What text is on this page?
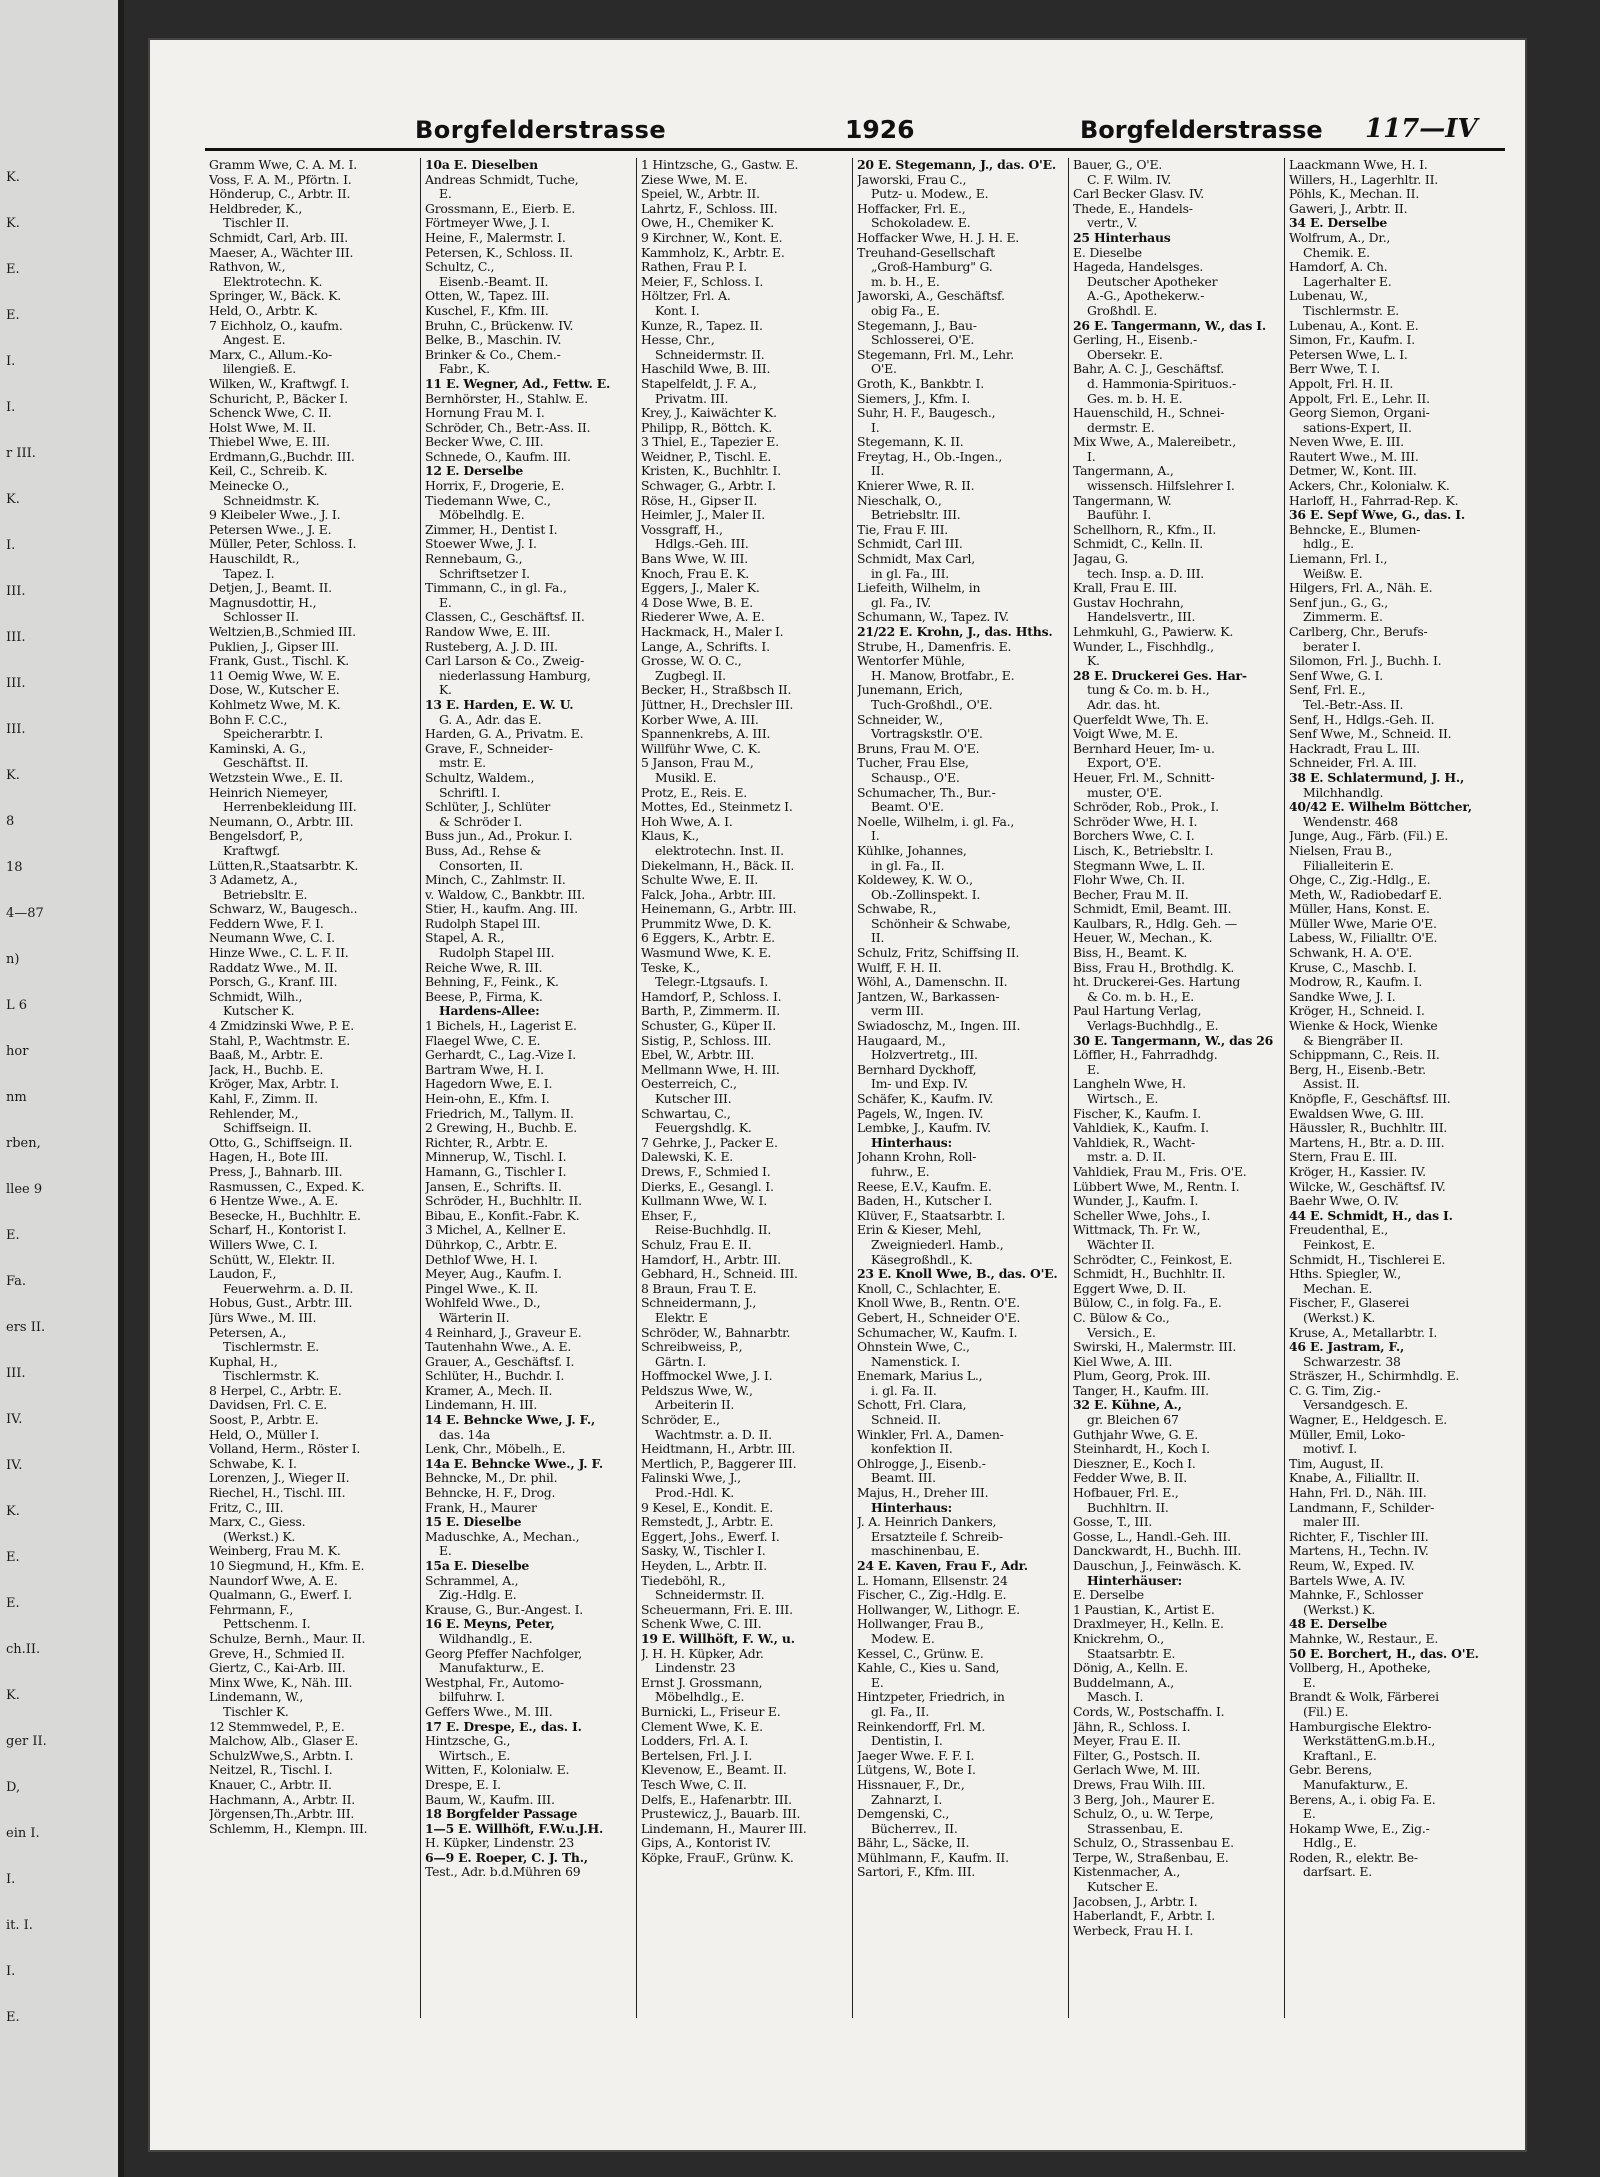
K.
K.
E.
E.
I.
I.
r III.
K.
I.
III.
III.
III.
III.
K.
8
18
4—87
n)
L 6
hor
nm
rben,
llee 9
E.
Fa.
ers II.
III.
IV.
IV.
K.
E.
E.
ch.II.
K.
ger II.
D,
ein I.
I.
it. I.
I.
E.
Borgfelderstrasse	1926	Borgfelderstrasse 117—IV
Gramm Wwe, C. A. M. I.
Voss, F. A. M., Pförtn. I.
Hönderup, C., Arbtr. II.
Heldbreder, K.,
Tischler II.
Schmidt, Carl, Arb. III.
Maeser, A., Wächter III.
Rathvon, W.,
Elektrotechn. K.
Springer, W., Bäck. K.
Held, O., Arbtr. K.
7 Eichholz, O., kaufm.
Angest. E.
Marx, C., Allum.-Ko-
lilengieß. E.
Wilken, W., Kraftwgf. I.
Schuricht, P., Bäcker I.
Schenck Wwe, C. II.
Holst Wwe, M. II.
Thiebel Wwe, E. III.
Erdmann,G.,Buchdr. III.
Keil, C., Schreib. K.
Meinecke O.,
Schneidmstr. K.
9 Kleibeler Wwe., J. I.
Petersen Wwe., J. E.
Müller, Peter, Schloss. I.
Hauschildt, R.,
Tapez. I.
Detjen, J., Beamt. II.
Magnusdottir, H.,
Schlosser II.
Weltzien,B.,Schmied III.
Puklien, J., Gipser III.
Frank, Gust., Tischl. K.
11 Oemig Wwe, W. E.
Dose, W., Kutscher E.
Kohlmetz Wwe, M. K.
Bohn F. C.C.,
Speicherarbtr. I.
Kaminski, A. G.,
Geschäftst. II.
Wetzstein Wwe., E. II.
Heinrich Niemeyer,
Herrenbekleidung III.
Neumann, O., Arbtr. III.
Bengelsdorf, P.,
Kraftwgf.
Lütten,R.,Staatsarbtr. K.
3 Adametz, A.,
Betriebsltr. E.
Schwarz, W., Baugesch..
Feddern Wwe, F. I.
Neumann Wwe, C. I.
Hinze Wwe., C. L. F. II.
Raddatz Wwe., M. II.
Porsch, G., Kranf. III.
Schmidt, Wilh.,
Kutscher K.
4 Zmidzinski Wwe, P. E.
Stahl, P., Wachtmstr. E.
Baaß, M., Arbtr. E.
Jack, H., Buchb. E.
Kröger, Max, Arbtr. I.
Kahl, F., Zimm. II.
Rehlender, M.,
Schiffseign. II.
Otto, G., Schiffseign. II.
Hagen, H., Bote III.
Press, J., Bahnarb. III.
Rasmussen, C., Exped. K.
6 Hentze Wwe., A. E.
Besecke, H., Buchhltr. E.
Scharf, H., Kontorist I.
Willers Wwe, C. I.
Schütt, W., Elektr. II.
Laudon, F.,
Feuerwehrm. a. D. II.
Hobus, Gust., Arbtr. III.
Jürs Wwe., M. III.
Petersen, A.,
Tischlermstr. E.
Kuphal, H.,
Tischlermstr. K.
8 Herpel, C., Arbtr. E.
Davidsen, Frl. C. E.
Soost, P., Arbtr. E.
Held, O., Müller I.
Volland, Herm., Röster I.
Schwabe, K. I.
Lorenzen, J., Wieger II.
Riechel, H., Tischl. III.
Fritz, C., III.
Marx, C., Giess.
(Werkst.) K.
Weinberg, Frau M. K.
10 Siegmund, H., Kfm. E.
Naundorf Wwe, A. E.
Qualmann, G., Ewerf. I.
Fehrmann, F.,
Pettschenm. I.
Schulze, Bernh., Maur. II.
Greve, H., Schmied II.
Giertz, C., Kai-Arb. III.
Minx Wwe, K., Näh. III.
Lindemann, W.,
Tischler K.
12 Stemmwedel, P., E.
Malchow, Alb., Glaser E.
SchulzWwe,S., Arbtn. I.
Neitzel, R., Tischl. I.
Knauer, C., Arbtr. II.
Hachmann, A., Arbtr. II.
Jörgensen,Th.,Arbtr. III.
Schlemm, H., Klempn. III.
10a E. Dieselben
Andreas Schmidt, Tuche,
E.
Grossmann, E., Eierb. E.
Förtmeyer Wwe, J. I.
Heine, F., Malermstr. I.
Petersen, K., Schloss. II.
Schultz, C.,
Eisenb.-Beamt. II.
Otten, W., Tapez. III.
Kuschel, F., Kfm. III.
Bruhn, C., Brückenw. IV.
Belke, B., Maschin. IV.
Brinker & Co., Chem.-
Fabr., K.
11 E. Wegner, Ad., Fettw. E.
Bernhörster, H., Stahlw. E.
Hornung Frau M. I.
Schröder, Ch., Betr.-Ass. II.
Becker Wwe, C. III.
Schnede, O., Kaufm. III.
12 E. Derselbe
Horrix, F., Drogerie, E.
Tiedemann Wwe, C.,
Möbelhdlg. E.
Zimmer, H., Dentist I.
Stoewer Wwe, J. I.
Rennebaum, G.,
Schriftsetzer I.
Timmann, C., in gl. Fa.,
E.
Classen, C., Geschäftsf. II.
Randow Wwe, E. III.
Rusteberg, A. J. D. III.
Carl Larson & Co., Zweig-
niederlassung Hamburg,
K.
13 E. Harden, E. W. U.
G. A., Adr. das E.
Harden, G. A., Privatm. E.
Grave, F., Schneider-
mstr. E.
Schultz, Waldem.,
Schriftl. I.
Schlüter, J., Schlüter
& Schröder I.
Buss jun., Ad., Prokur. I.
Buss, Ad., Rehse &
Consorten, II.
Minch, C., Zahlmstr. II.
v. Waldow, C., Bankbtr. III.
Stier, H., kaufm. Ang. III.
Rudolph Stapel III.
Stapel, A. R.,
Rudolph Stapel III.
Reiche Wwe, R. III.
Behning, F., Feink., K.
Beese, P., Firma, K.
Hardens-Allee:
1 Bichels, H., Lagerist E.
Flaegel Wwe, C. E.
Gerhardt, C., Lag.-Vize I.
Bartram Wwe, H. I.
Hagedorn Wwe, E. I.
Hein-ohn, E., Kfm. I.
Friedrich, M., Tallym. II.
2 Grewing, H., Buchb. E.
Richter, R., Arbtr. E.
Minnerup, W., Tischl. I.
Hamann, G., Tischler I.
Jansen, E., Schrifts. II.
Schröder, H., Buchhltr. II.
Bibau, E., Konfit.-Fabr. K.
3 Michel, A., Kellner E.
Dührkop, C., Arbtr. E.
Dethlof Wwe, H. I.
Meyer, Aug., Kaufm. I.
Pingel Wwe., K. II.
Wohlfeld Wwe., D.,
Wärterin II.
4 Reinhard, J., Graveur E.
Tautenhahn Wwe., A. E.
Grauer, A., Geschäftsf. I.
Schlüter, H., Buchdr. I.
Kramer, A., Mech. II.
Lindemann, H. III.
14 E. Behncke Wwe, J. F.,
das. 14a
Lenk, Chr., Möbelh., E.
14a E. Behncke Wwe., J. F.
Behncke, M., Dr. phil.
Behncke, H. F., Drog.
Frank, H., Maurer
15 E. Dieselbe
Maduschke, A., Mechan.,
E.
15a E. Dieselbe
Schrammel, A.,
Zig.-Hdlg. E.
Krause, G., Bur.-Angest. I.
16 E. Meyns, Peter,
Wildhandlg., E.
Georg Pfeffer Nachfolger,
Manufakturw., E.
Westphal, Fr., Automo-
bilfuhrw. I.
Geffers Wwe., M. III.
17 E. Drespe, E., das. I.
Hintzsche, G.,
Wirtsch., E.
Witten, F., Kolonialw. E.
Drespe, E. I.
Baum, W., Kaufm. III.
18 Borgfelder Passage
1—5 E. Willhöft, F.W.u.J.H.
H. Küpker, Lindenstr. 23
6—9 E. Roeper, C. J. Th.,
Test., Adr. b.d.Mühren 69
1 Hintzsche, G., Gastw. E.
Ziese Wwe, M. E.
Speiel, W., Arbtr. II.
Lahrtz, F., Schloss. III.
Owe, H., Chemiker K.
9 Kirchner, W., Kont. E.
Kammholz, K., Arbtr. E.
Rathen, Frau P. I.
Meier, F., Schloss. I.
Höltzer, Frl. A.
Kont. I.
Kunze, R., Tapez. II.
Hesse, Chr.,
Schneidermstr. II.
Haschild Wwe, B. III.
Stapelfeldt, J. F. A.,
Privatm. III.
Krey, J., Kaiwächter K.
Philipp, R., Böttch. K.
3 Thiel, E., Tapezier E.
Weidner, P., Tischl. E.
Kristen, K., Buchhltr. I.
Schwager, G., Arbtr. I.
Röse, H., Gipser II.
Heimler, J., Maler II.
Vossgraff, H.,
Hdlgs.-Geh. III.
Bans Wwe, W. III.
Knoch, Frau E. K.
Eggers, J., Maler K.
4 Dose Wwe, B. E.
Riederer Wwe, A. E.
Hackmack, H., Maler I.
Lange, A., Schrifts. I.
Grosse, W. O. C.,
Zugbegl. II.
Becker, H., Straßbsch II.
Jüttner, H., Drechsler III.
Korber Wwe, A. III.
Spannenkrebs, A. III.
Willführ Wwe, C. K.
5 Janson, Frau M.,
Musikl. E.
Protz, E., Reis. E.
Mottes, Ed., Steinmetz I.
Hoh Wwe, A. I.
Klaus, K.,
elektrotechn. Inst. II.
Diekelmann, H., Bäck. II.
Schulte Wwe, E. II.
Falck, Joha., Arbtr. III.
Heinemann, G., Arbtr. III.
Prummitz Wwe, D. K.
6 Eggers, K., Arbtr. E.
Wasmund Wwe, K. E.
Teske, K.,
Telegr.-Ltgsaufs. I.
Hamdorf, P., Schloss. I.
Barth, P., Zimmerm. II.
Schuster, G., Küper II.
Sistig, P., Schloss. III.
Ebel, W., Arbtr. III.
Mellmann Wwe, H. III.
Oesterreich, C.,
Kutscher III.
Schwartau, C.,
Feuergshdlg. K.
7 Gehrke, J., Packer E.
Dalewski, K. E.
Drews, F., Schmied I.
Dierks, E., Gesangl. I.
Kullmann Wwe, W. I.
Ehser, F.,
Reise-Buchhdlg. II.
Schulz, Frau E. II.
Hamdorf, H., Arbtr. III.
Gebhard, H., Schneid. III.
8 Braun, Frau T. E.
Schneidermann, J.,
Elektr. E
Schröder, W., Bahnarbtr.
Schreibweiss, P.,
Gärtn. I.
Hoffmockel Wwe, J. I.
Peldszus Wwe, W.,
Arbeiterin II.
Schröder, E.,
Wachtmstr. a. D. II.
Heidtmann, H., Arbtr. III.
Mertlich, P., Baggerer III.
Falinski Wwe, J.,
Prod.-Hdl. K.
9 Kesel, E., Kondit. E.
Remstedt, J., Arbtr. E.
Eggert, Johs., Ewerf. I.
Sasky, W., Tischler I.
Heyden, L., Arbtr. II.
Tiedeböhl, R.,
Schneidermstr. II.
Scheuermann, Fri. E. III.
Schenk Wwe, C. III.
19 E. Willhöft, F. W., u.
J. H. H. Küpker, Adr.
Lindenstr. 23
Ernst J. Grossmann,
Möbelhdlg., E.
Burnicki, L., Friseur E.
Clement Wwe, K. E.
Lodders, Frl. A. I.
Bertelsen, Frl. J. I.
Klevenow, E., Beamt. II.
Tesch Wwe, C. II.
Delfs, E., Hafenarbtr. III.
Prustewicz, J., Bauarb. III.
Lindemann, H., Maurer III.
Gips, A., Kontorist IV.
Köpke, FrauF., Grünw. K.
20 E. Stegemann, J., das. O'E.
Jaworski, Frau C.,
Putz- u. Modew., E.
Hoffacker, Frl. E.,
Schokoladew. E.
Hoffacker Wwe, H. J. H. E.
Treuhand-Gesellschaft
„Groß-Hamburg" G.
m. b. H., E.
Jaworski, A., Geschäftsf.
obig Fa., E.
Stegemann, J., Bau-
Schlosserei, O'E.
Stegemann, Frl. M., Lehr.
O'E.
Groth, K., Bankbtr. I.
Siemers, J., Kfm. I.
Suhr, H. F., Baugesch.,
I.
Stegemann, K. II.
Freytag, H., Ob.-Ingen.,
II.
Knierer Wwe, R. II.
Nieschalk, O.,
Betriebsltr. III.
Tie, Frau F. III.
Schmidt, Carl III.
Schmidt, Max Carl,
in gl. Fa., III.
Liefeith, Wilhelm, in
gl. Fa., IV.
Schumann, W., Tapez. IV.
21/22 E. Krohn, J., das. Hths.
Strube, H., Damenfris. E.
Wentorfer Mühle,
H. Manow, Brotfabr., E.
Junemann, Erich,
Tuch-Großhdl., O'E.
Schneider, W.,
Vortragskstlr. O'E.
Bruns, Frau M. O'E.
Tucher, Frau Else,
Schausp., O'E.
Schumacher, Th., Bur.-
Beamt. O'E.
Noelle, Wilhelm, i. gl. Fa.,
I.
Kühlke, Johannes,
in gl. Fa., II.
Koldewey, K. W. O.,
Ob.-Zollinspekt. I.
Schwabe, R.,
Schönheir & Schwabe,
II.
Schulz, Fritz, Schiffsing II.
Wulff, F. H. II.
Wöhl, A., Damenschn. II.
Jantzen, W., Barkassen-
verm III.
Swiadoschz, M., Ingen. III.
Haugaard, M.,
Holzvertretg., III.
Bernhard Dyckhoff,
Im- und Exp. IV.
Schäfer, K., Kaufm. IV.
Pagels, W., Ingen. IV.
Lembke, J., Kaufm. IV.
Hinterhaus:
Johann Krohn, Roll-
fuhrw., E.
Reese, E.V., Kaufm. E.
Baden, H., Kutscher I.
Klüver, F., Staatsarbtr. I.
Erin & Kieser, Mehl,
Zweigniederl. Hamb.,
Käsegroßhdl., K.
23 E. Knoll Wwe, B., das. O'E.
Knoll, C., Schlachter, E.
Knoll Wwe, B., Rentn. O'E.
Gebert, H., Schneider O'E.
Schumacher, W., Kaufm. I.
Ohnstein Wwe, C.,
Namenstick. I.
Enemark, Marius L.,
i. gl. Fa. II.
Schott, Frl. Clara,
Schneid. II.
Winkler, Frl. A., Damen-
konfektion II.
Ohlrogge, J., Eisenb.-
Beamt. III.
Majus, H., Dreher III.
Hinterhaus:
J. A. Heinrich Dankers,
Ersatzteile f. Schreib-
maschinenbau, E.
24 E. Kaven, Frau F., Adr.
L. Homann, Ellsenstr. 24
Fischer, C., Zig.-Hdlg. E.
Hollwanger, W., Lithogr. E.
Hollwanger, Frau B.,
Modew. E.
Kessel, C., Grünw. E.
Kahle, C., Kies u. Sand,
E.
Hintzpeter, Friedrich, in
gl. Fa., II.
Reinkendorff, Frl. M.
Dentistin, I.
Jaeger Wwe. F. F. I.
Lütgens, W., Bote I.
Hissnauer, F., Dr.,
Zahnarzt, I.
Demgenski, C.,
Bücherrev., II.
Bähr, L., Säcke, II.
Mühlmann, F., Kaufm. II.
Sartori, F., Kfm. III.
Bauer, G., O'E.
C. F. Wilm. IV.
Carl Becker Glasv. IV.
Thede, E., Handels-
vertr., V.
25 Hinterhaus
E. Dieselbe
Hageda, Handelsges.
Deutscher Apotheker
A.-G., Apothekerw.-
Großhdl. E.
26 E. Tangermann, W., das I.
Gerling, H., Eisenb.-
Obersekr. E.
Bahr, A. C. J., Geschäftsf.
d. Hammonia-Spirituos.-
Ges. m. b. H. E.
Hauenschild, H., Schnei-
dermstr. E.
Mix Wwe, A., Malereibetr.,
I.
Tangermann, A.,
wissensch. Hilfslehrer I.
Tangermann, W.
Bauführ. I.
Schellhorn, R., Kfm., II.
Schmidt, C., Kelln. II.
Jagau, G.
tech. Insp. a. D. III.
Krall, Frau E. III.
Gustav Hochrahn,
Handelsvertr., III.
Lehmkuhl, G., Pawierw. K.
Wunder, L., Fischhdlg.,
K.
28 E. Druckerei Ges. Har-
tung & Co. m. b. H.,
Adr. das. ht.
Querfeldt Wwe, Th. E.
Voigt Wwe, M. E.
Bernhard Heuer, Im- u.
Export, O'E.
Heuer, Frl. M., Schnitt-
muster, O'E.
Schröder, Rob., Prok., I.
Schröder Wwe, H. I.
Borchers Wwe, C. I.
Lisch, K., Betriebsltr. I.
Stegmann Wwe, L. II.
Flohr Wwe, Ch. II.
Becher, Frau M. II.
Schmidt, Emil, Beamt. III.
Kaulbars, R., Hdlg. Geh. —
Heuer, W., Mechan., K.
Biss, H., Beamt. K.
Biss, Frau H., Brothdlg. K.
ht. Druckerei-Ges. Hartung
& Co. m. b. H., E.
Paul Hartung Verlag,
Verlags-Buchhdlg., E.
30 E. Tangermann, W., das 26
Löffler, H., Fahrradhdg.
E.
Langheln Wwe, H.
Wirtsch., E.
Fischer, K., Kaufm. I.
Vahldiek, K., Kaufm. I.
Vahldiek, R., Wacht-
mstr. a. D. II.
Vahldiek, Frau M., Fris. O'E.
Lübbert Wwe, M., Rentn. I.
Wunder, J., Kaufm. I.
Scheller Wwe, Johs., I.
Wittmack, Th. Fr. W.,
Wächter II.
Schrödter, C., Feinkost, E.
Schmidt, H., Buchhltr. II.
Eggert Wwe, D. II.
Bülow, C., in folg. Fa., E.
C. Bülow & Co.,
Versich., E.
Swirski, H., Malermstr. III.
Kiel Wwe, A. III.
Plum, Georg, Prok. III.
Tanger, H., Kaufm. III.
32 E. Kühne, A.,
gr. Bleichen 67
Guthjahr Wwe, G. E.
Steinhardt, H., Koch I.
Dieszner, E., Koch I.
Fedder Wwe, B. II.
Hofbauer, Frl. E.,
Buchhltrn. II.
Gosse, T., III.
Gosse, L., Handl.-Geh. III.
Danckwardt, H., Buchh. III.
Dauschun, J., Feinwäsch. K.
Hinterhäuser:
E. Derselbe
1 Paustian, K., Artist E.
Draxlmeyer, H., Kelln. E.
Knickrehm, O.,
Staatsarbtr. E.
Dönig, A., Kelln. E.
Buddelmann, A.,
Masch. I.
Cords, W., Postschaffn. I.
Jähn, R., Schloss. I.
Meyer, Frau E. II.
Filter, G., Postsch. II.
Gerlach Wwe, M. III.
Drews, Frau Wilh. III.
3 Berg, Joh., Maurer E.
Schulz, O., u. W. Terpe,
Strassenbau, E.
Schulz, O., Strassenbau E.
Terpe, W., Straßenbau, E.
Kistenmacher, A.,
Kutscher E.
Jacobsen, J., Arbtr. I.
Haberlandt, F., Arbtr. I.
Werbeck, Frau H. I.
Laackmann Wwe, H. I.
Willers, H., Lagerhltr. II.
Pöhls, K., Mechan. II.
Gaweri, J., Arbtr. II.
34 E. Derselbe
Wolfrum, A., Dr.,
Chemik. E.
Hamdorf, A. Ch.
Lagerhalter E.
Lubenau, W.,
Tischlermstr. E.
Lubenau, A., Kont. E.
Simon, Fr., Kaufm. I.
Petersen Wwe, L. I.
Berr Wwe, T. I.
Appolt, Frl. H. II.
Appolt, Frl. E., Lehr. II.
Georg Siemon, Organi-
sations-Expert, II.
Neven Wwe, E. III.
Rautert Wwe., M. III.
Detmer, W., Kont. III.
Ackers, Chr., Kolonialw. K.
Harloff, H., Fahrrad-Rep. K.
36 E. Sepf Wwe, G., das. I.
Behncke, E., Blumen-
hdlg., E.
Liemann, Frl. I.,
Weißw. E.
Hilgers, Frl. A., Näh. E.
Senf jun., G., G.,
Zimmerm. E.
Carlberg, Chr., Berufs-
berater I.
Silomon, Frl. J., Buchh. I.
Senf Wwe, G. I.
Senf, Frl. E.,
Tel.-Betr.-Ass. II.
Senf, H., Hdlgs.-Geh. II.
Senf Wwe, M., Schneid. II.
Hackradt, Frau L. III.
Schneider, Frl. A. III.
38 E. Schlatermund, J. H.,
Milchhandlg.
40/42 E. Wilhelm Böttcher,
Wendenstr. 468
Junge, Aug., Färb. (Fil.) E.
Nielsen, Frau B.,
Filialleiterin E.
Ohge, C., Zig.-Hdlg., E.
Meth, W., Radiobedarf E.
Müller, Hans, Konst. E.
Müller Wwe, Marie O'E.
Labess, W., Filialltr. O'E.
Schwank, H. A. O'E.
Kruse, C., Maschb. I.
Modrow, R., Kaufm. I.
Sandke Wwe, J. I.
Kröger, H., Schneid. I.
Wienke & Hock, Wienke
& Biengräber II.
Schippmann, C., Reis. II.
Berg, H., Eisenb.-Betr.
Assist. II.
Knöpfle, F., Geschäftsf. III.
Ewaldsen Wwe, G. III.
Häussler, R., Buchhltr. III.
Martens, H., Btr. a. D. III.
Stern, Frau E. III.
Kröger, H., Kassier. IV.
Wilcke, W., Geschäftsf. IV.
Baehr Wwe, O. IV.
44 E. Schmidt, H., das I.
Freudenthal, E.,
Feinkost, E.
Schmidt, H., Tischlerei E.
Hths. Spiegler, W.,
Mechan. E.
Fischer, F., Glaserei
(Werkst.) K.
Kruse, A., Metallarbtr. I.
46 E. Jastram, F.,
Schwarzestr. 38
Sträszer, H., Schirmhdlg. E.
C. G. Tim, Zig.-
Versandgesch. E.
Wagner, E., Heldgesch. E.
Müller, Emil, Loko-
motivf. I.
Tim, August, II.
Knabe, A., Filialltr. II.
Hahn, Frl. D., Näh. III.
Landmann, F., Schilder-
maler III.
Richter, F., Tischler III.
Martens, H., Techn. IV.
Reum, W., Exped. IV.
Bartels Wwe, A. IV.
Mahnke, F., Schlosser
(Werkst.) K.
48 E. Derselbe
Mahnke, W., Restaur., E.
50 E. Borchert, H., das. O'E.
Vollberg, H., Apotheke,
E.
Brandt & Wolk, Färberei
(Fil.) E.
Hamburgische Elektro-
WerkstättenG.m.b.H.,
Kraftanl., E.
Gebr. Berens,
Manufakturw., E.
Berens, A., i. obig Fa. E.
E.
Hokamp Wwe, E., Zig.-
Hdlg., E.
Roden, R., elektr. Be-
darfsart. E.
